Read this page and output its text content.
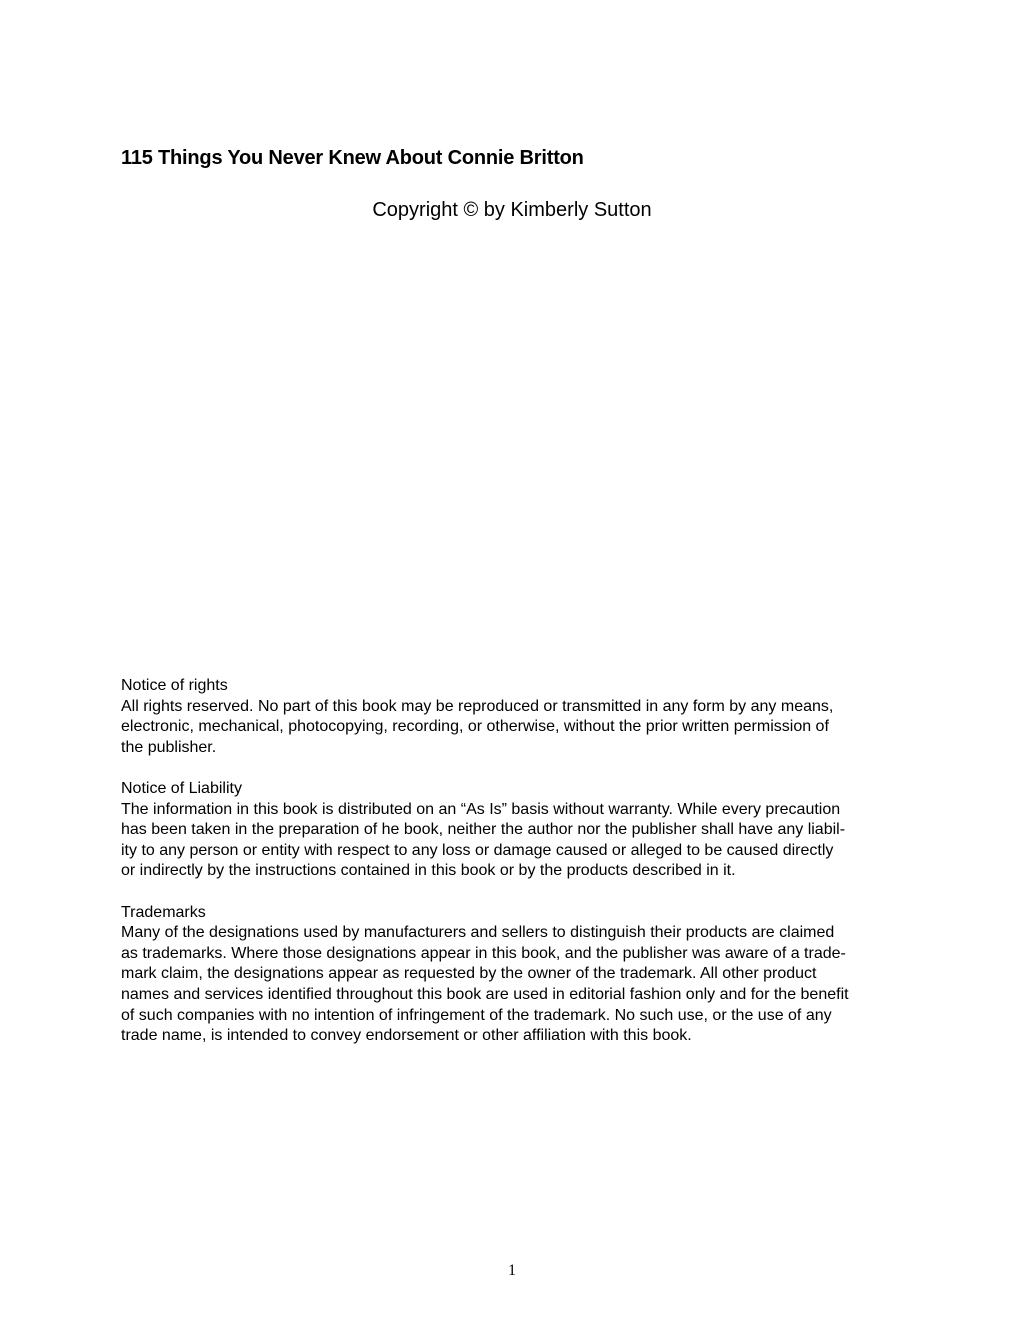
115 Things You Never Knew About Connie Britton

Copyright © by Kimberly Sutton

Notice of rights
All rights reserved. No part of this book may be reproduced or transmitted in any form by any means,
electronic, mechanical, photocopying, recording, or otherwise, without the prior written permission of
the publisher.
Notice of Liability
The information in this book is distributed on an “As Is” basis without warranty. While every precaution
has been taken in the preparation of he book, neither the author nor the publisher shall have any liabil-
ity to any person or entity with respect to any loss or damage caused or alleged to be caused directly
or indirectly by the instructions contained in this book or by the products described in it.
Trademarks
Many of the designations used by manufacturers and sellers to distinguish their products are claimed
as trademarks. Where those designations appear in this book, and the publisher was aware of a trade-
mark claim, the designations appear as requested by the owner of the trademark. All other product
names and services identified throughout this book are used in editorial fashion only and for the benefit
of such companies with no intention of infringement of the trademark. No such use, or the use of any
trade name, is intended to convey endorsement or other affiliation with this book.
1
